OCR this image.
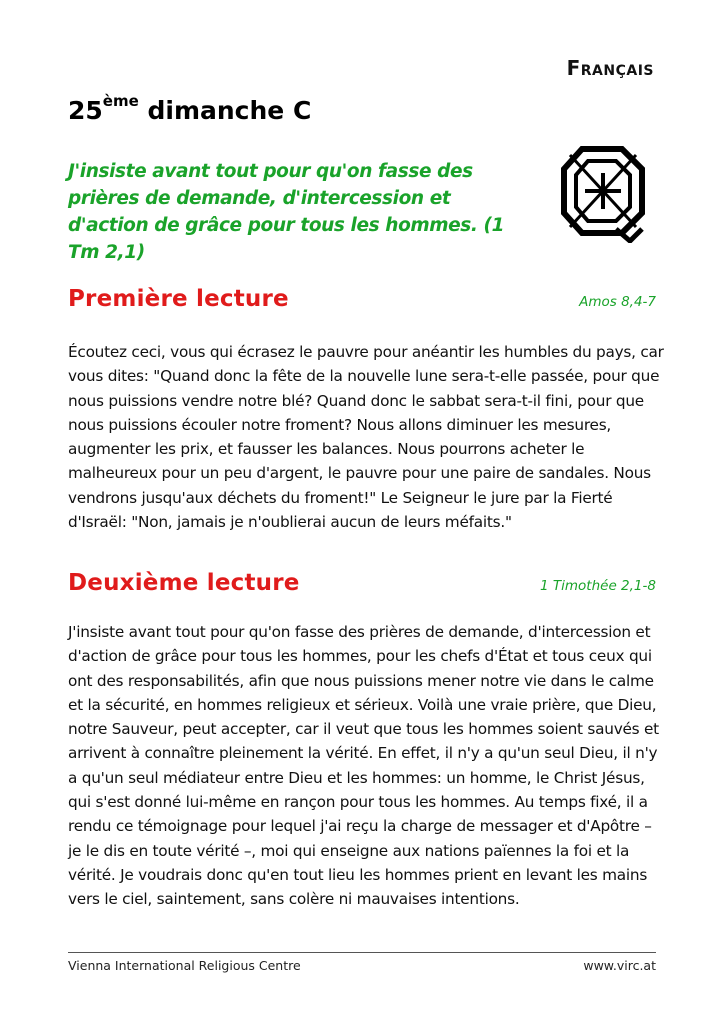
Français
25ème dimanche C
J'insiste avant tout pour qu'on fasse des prières de demande, d'intercession et d'action de grâce pour tous les hommes. (1 Tm 2,1)
Première lecture	Amos 8,4-7

Écoutez ceci, vous qui écrasez le pauvre pour anéantir les humbles du pays, car vous dites: "Quand donc la fête de la nouvelle lune sera-t-elle passée, pour que nous puissions vendre notre blé? Quand donc le sabbat sera-t-il fini, pour que nous puissions écouler notre froment? Nous allons diminuer les mesures, augmenter les prix, et fausser les balances. Nous pourrons acheter le malheureux pour un peu d'argent, le pauvre pour une paire de sandales. Nous vendrons jusqu'aux déchets du froment!" Le Seigneur le jure par la Fierté d'Israël: "Non, jamais je n'oublierai aucun de leurs méfaits."

Deuxième lecture	1 Timothée 2,1-8

J'insiste avant tout pour qu'on fasse des prières de demande, d'intercession et d'action de grâce pour tous les hommes, pour les chefs d'État et tous ceux qui ont des responsabilités, afin que nous puissions mener notre vie dans le calme et la sécurité, en hommes religieux et sérieux. Voilà une vraie prière, que Dieu, notre Sauveur, peut accepter, car il veut que tous les hommes soient sauvés et arrivent à connaître pleinement la vérité. En effet, il n'y a qu'un seul Dieu, il n'y a qu'un seul médiateur entre Dieu et les hommes: un homme, le Christ Jésus, qui s'est donné lui-même en rançon pour tous les hommes. Au temps fixé, il a rendu ce témoignage pour lequel j'ai reçu la charge de messager et d'Apôtre – je le dis en toute vérité –, moi qui enseigne aux nations païennes la foi et la vérité. Je voudrais donc qu'en tout lieu les hommes prient en levant les mains vers le ciel, saintement, sans colère ni mauvaises intentions.

Vienna International Religious Centre	www.virc.at
